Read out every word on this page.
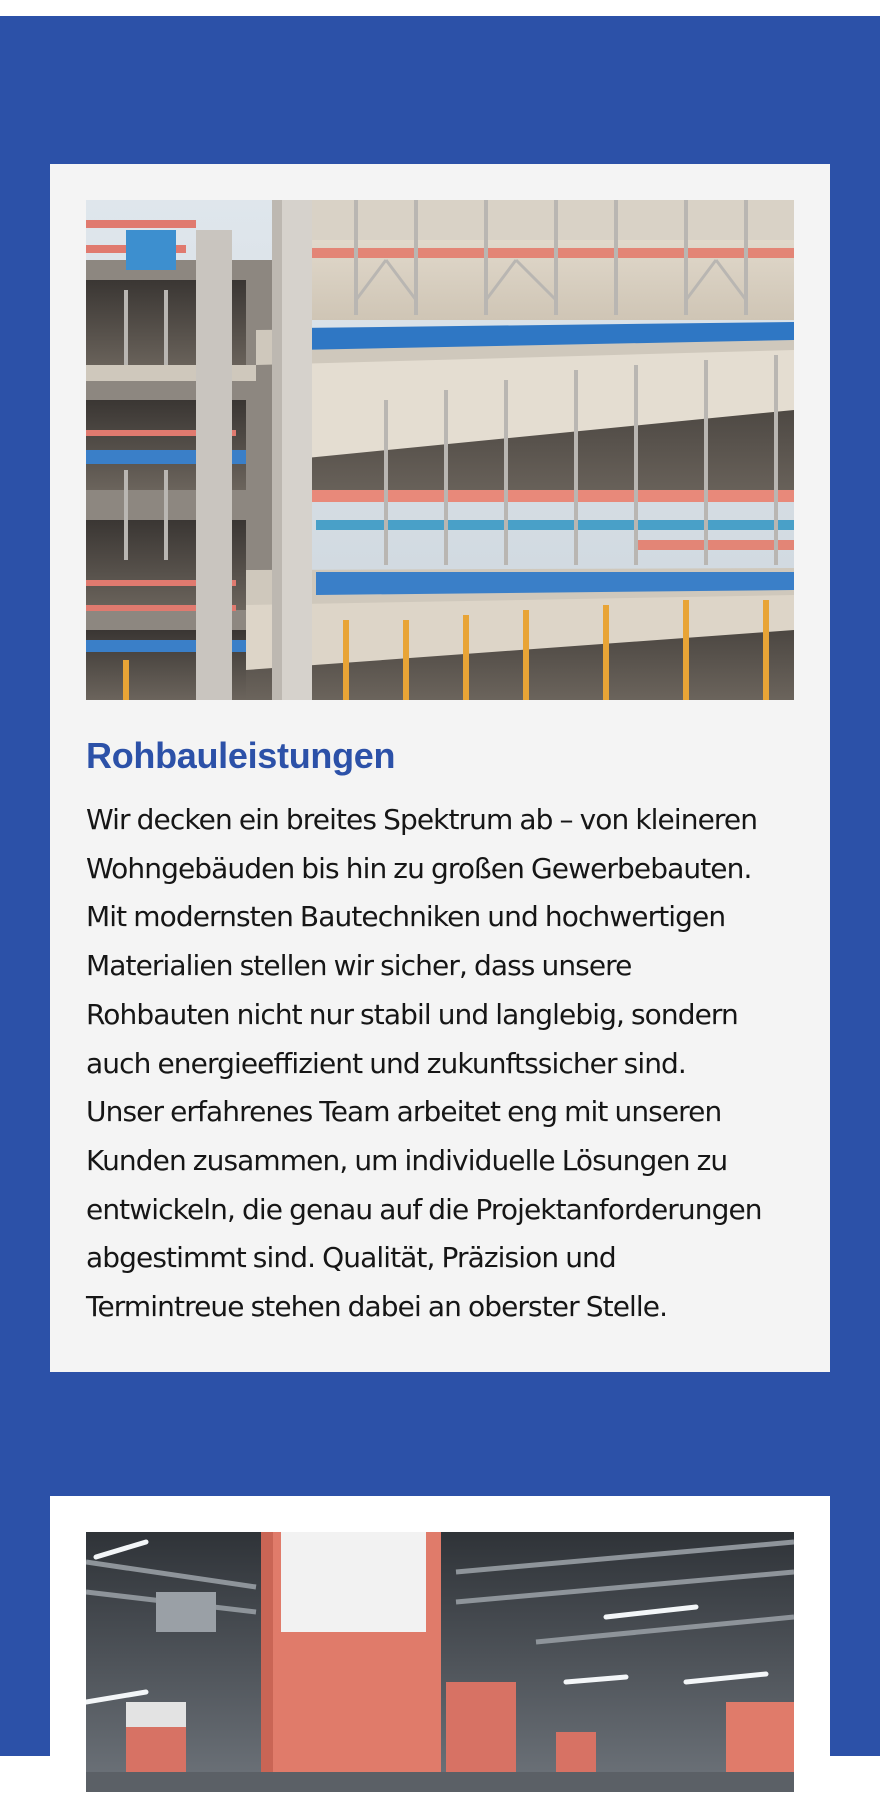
Rohbauleistungen

Wir decken ein breites Spektrum ab – von kleineren
Wohngebäuden bis hin zu großen Gewerbebauten.
Mit modernsten Bautechniken und hochwertigen
Materialien stellen wir sicher, dass unsere
Rohbauten nicht nur stabil und langlebig, sondern
auch energieeffizient und zukunftssicher sind.
Unser erfahrenes Team arbeitet eng mit unseren
Kunden zusammen, um individuelle Lösungen zu
entwickeln, die genau auf die Projektanforderungen
abgestimmt sind. Qualität, Präzision und
Termintreue stehen dabei an oberster Stelle.
